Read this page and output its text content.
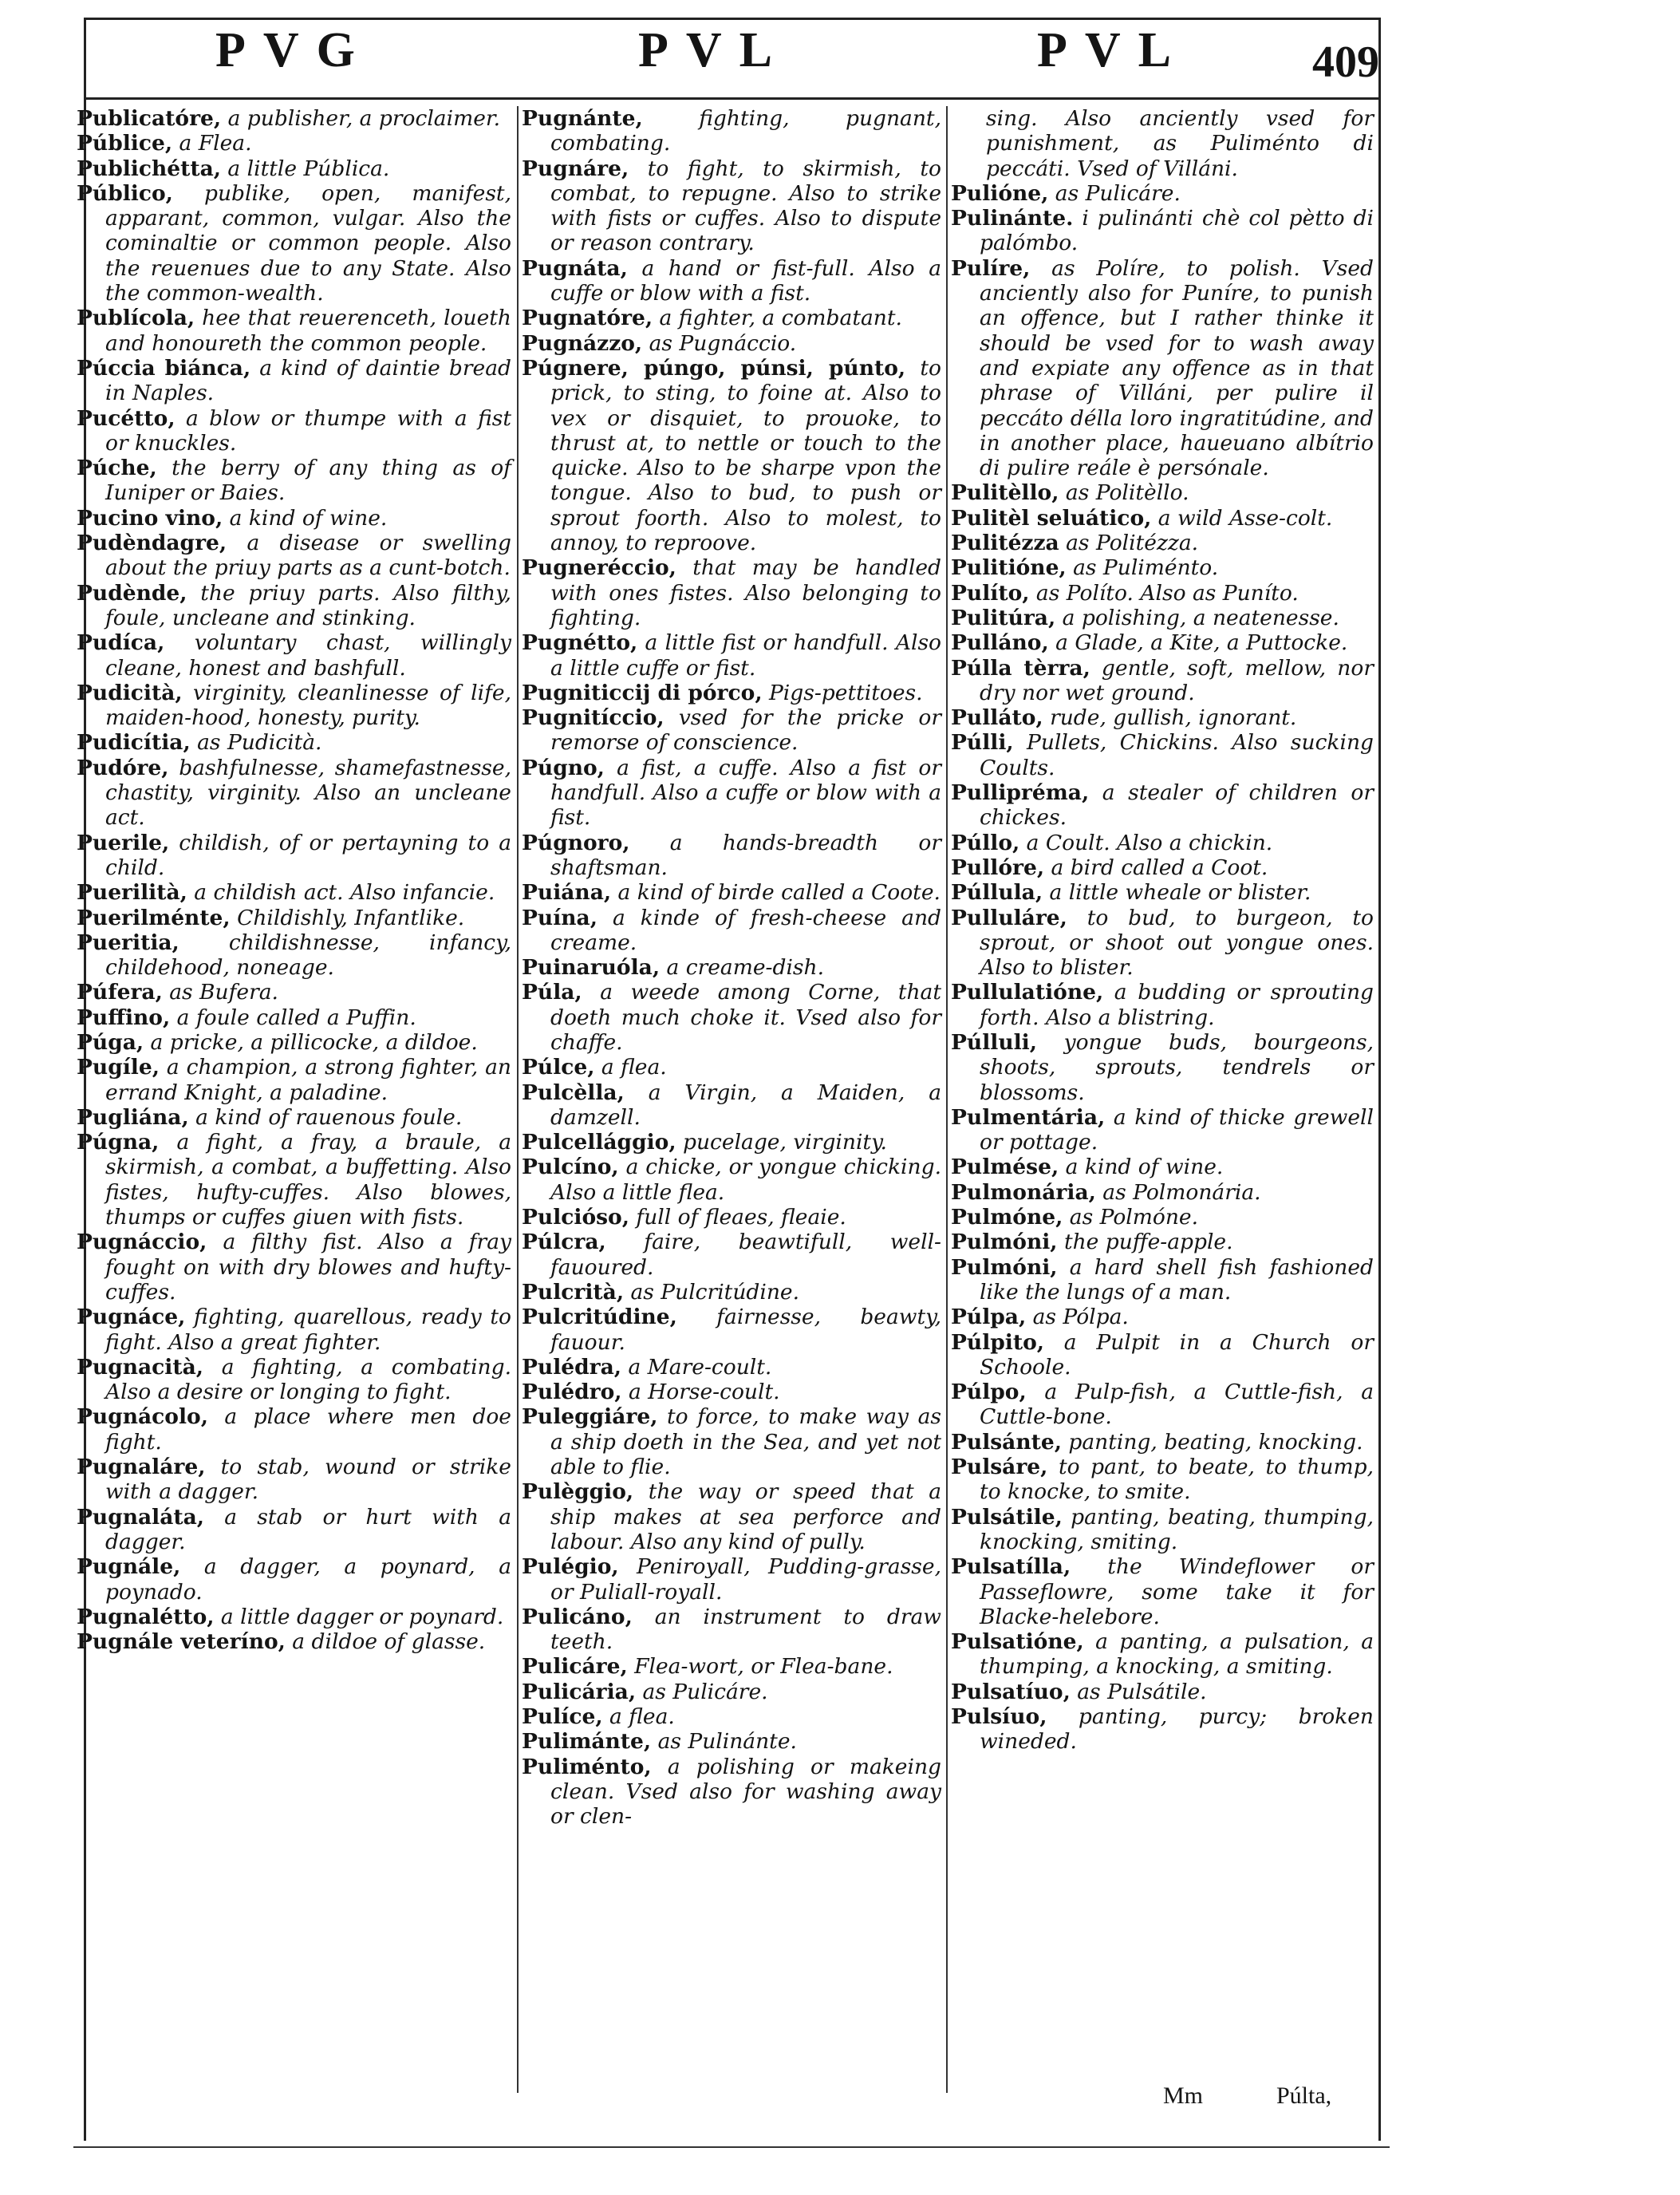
PVG	PVL	PVL	409

Publicatóre, a publisher, a proclaimer.

Públice, a Flea.

Publichétta, a little Pública.

Público, publike, open, manifest, apparant, common, vulgar. Also the cominaltie or common people. Also the reuenues due to any State. Also the common-wealth.

Publícola, hee that reuerenceth, loueth and honoureth the common people.

Púccia biánca, a kind of daintie bread in Naples.

Pucétto, a blow or thumpe with a fist or knuckles.

Púche, the berry of any thing as of Iuniper or Baies.

Pucino vino, a kind of wine.

Pudèndagre, a disease or swelling about the priuy parts as a cunt-botch.

Pudènde, the priuy parts. Also filthy, foule, uncleane and stinking.

Pudíca, voluntary chast, willingly cleane, honest and bashfull.

Pudicità, virginity, cleanlinesse of life, maiden-hood, honesty, purity.

Pudicítia, as Pudicità.

Pudóre, bashfulnesse, shamefastnesse, chastity, virginity. Also an uncleane act.

Puerile, childish, of or pertayning to a child.

Puerilità, a childish act. Also infancie.

Puerilménte, Childishly, Infantlike.

Pueritia, childishnesse, infancy, childehood, noneage.

Púfera, as Bufera.

Puffino, a foule called a Puffin.

Púga, a pricke, a pillicocke, a dildoe.

Pugíle, a champion, a strong fighter, an errand Knight, a paladine.

Pugliána, a kind of rauenous foule.

Púgna, a fight, a fray, a braule, a skirmish, a combat, a buffetting. Also fistes, hufty-cuffes. Also blowes, thumps or cuffes giuen with fists.

Pugnáccio, a filthy fist. Also a fray fought on with dry blowes and hufty-cuffes.

Pugnáce, fighting, quarellous, ready to fight. Also a great fighter.

Pugnacità, a fighting, a combating. Also a desire or longing to fight.

Pugnácolo, a place where men doe fight.

Pugnaláre, to stab, wound or strike with a dagger.

Pugnaláta, a stab or hurt with a dagger.

Pugnále, a dagger, a poynard, a poynado.

Pugnalétto, a little dagger or poynard.

Pugnále veteríno, a dildoe of glasse.

Pugnánte, fighting, pugnant, combating.

Pugnáre, to fight, to skirmish, to combat, to repugne. Also to strike with fists or cuffes. Also to dispute or reason contrary.

Pugnáta, a hand or fist-full. Also a cuffe or blow with a fist.

Pugnatóre, a fighter, a combatant.

Pugnázzo, as Pugnáccio.

Púgnere, púngo, púnsi, púnto, to prick, to sting, to foine at. Also to vex or disquiet, to prouoke, to thrust at, to nettle or touch to the quicke. Also to be sharpe vpon the tongue. Also to bud, to push or sprout foorth. Also to molest, to annoy, to reproove.

Pugneréccio, that may be handled with ones fistes. Also belonging to fighting.

Pugnétto, a little fist or handfull. Also a little cuffe or fist.

Pugniticcij di pórco, Pigs-pettitoes.

Pugnitíccio, vsed for the pricke or remorse of conscience.

Púgno, a fist, a cuffe. Also a fist or handfull. Also a cuffe or blow with a fist.

Púgnoro, a hands-breadth or shaftsman.

Puiána, a kind of birde called a Coote.

Puína, a kinde of fresh-cheese and creame.

Puinaruóla, a creame-dish.

Púla, a weede among Corne, that doeth much choke it. Vsed also for chaffe.

Púlce, a flea.

Pulcèlla, a Virgin, a Maiden, a damzell.

Pulcellággio, pucelage, virginity.

Pulcíno, a chicke, or yongue chicking. Also a little flea.

Pulcióso, full of fleaes, fleaie.

Púlcra, faire, beawtifull, well-fauoured.

Pulcrità, as Pulcritúdine.

Pulcritúdine, fairnesse, beawty, fauour.

Pulédra, a Mare-coult.

Pulédro, a Horse-coult.

Puleggiáre, to force, to make way as a ship doeth in the Sea, and yet not able to flie.

Pulèggio, the way or speed that a ship makes at sea perforce and labour. Also any kind of pully.

Pulégio, Peniroyall, Pudding-grasse, or Puliall-royall.

Pulicáno, an instrument to draw teeth.

Pulicáre, Flea-wort, or Flea-bane.

Pulicária, as Pulicáre.

Pulíce, a flea.

Pulimánte, as Pulinánte.

Puliménto, a polishing or makeing clean. Vsed also for washing away or clen-

sing. Also anciently vsed for punishment, as Puliménto di peccáti. Vsed of Villáni.

Pulióne, as Pulicáre.

Pulinánte. i pulinánti chè col pètto di palómbo.

Pulíre, as Políre, to polish. Vsed anciently also for Puníre, to punish an offence, but I rather thinke it should be vsed for to wash away and expiate any offence as in that phrase of Villáni, per pulire il peccáto délla loro ingratitúdine, and in another place, haueuano albítrio di pulire reále è persónale.

Pulitèllo, as Politèllo.

Pulitèl seluático, a wild Asse-colt.

Pulitézza as Politézza.

Pulitióne, as Puliménto.

Pulíto, as Políto. Also as Puníto.

Pulitúra, a polishing, a neatenesse.

Pulláno, a Glade, a Kite, a Puttocke.

Púlla tèrra, gentle, soft, mellow, nor dry nor wet ground.

Pulláto, rude, gullish, ignorant.

Púlli, Pullets, Chickins. Also sucking Coults.

Pullipréma, a stealer of children or chickes.

Púllo, a Coult. Also a chickin.

Pullóre, a bird called a Coot.

Púllula, a little wheale or blister.

Pulluláre, to bud, to burgeon, to sprout, or shoot out yongue ones. Also to blister.

Pullulatióne, a budding or sprouting forth. Also a blistring.

Púlluli, yongue buds, bourgeons, shoots, sprouts, tendrels or blossoms.

Pulmentária, a kind of thicke grewell or pottage.

Pulmése, a kind of wine.

Pulmonária, as Polmonária.

Pulmóne, as Polmóne.

Pulmóni, the puffe-apple.

Pulmóni, a hard shell fish fashioned like the lungs of a man.

Púlpa, as Pólpa.

Púlpito, a Pulpit in a Church or Schoole.

Púlpo, a Pulp-fish, a Cuttle-fish, a Cuttle-bone.

Pulsánte, panting, beating, knocking.

Pulsáre, to pant, to beate, to thump, to knocke, to smite.

Pulsátile, panting, beating, thumping, knocking, smiting.

Pulsatílla, the Windeflower or Passeflowre, some take it for Blacke-helebore.

Pulsatióne, a panting, a pulsation, a thumping, a knocking, a smiting.

Pulsatíuo, as Pulsátile.

Pulsíuo, panting, purcy; broken wineded.

Mm	Púlta,
